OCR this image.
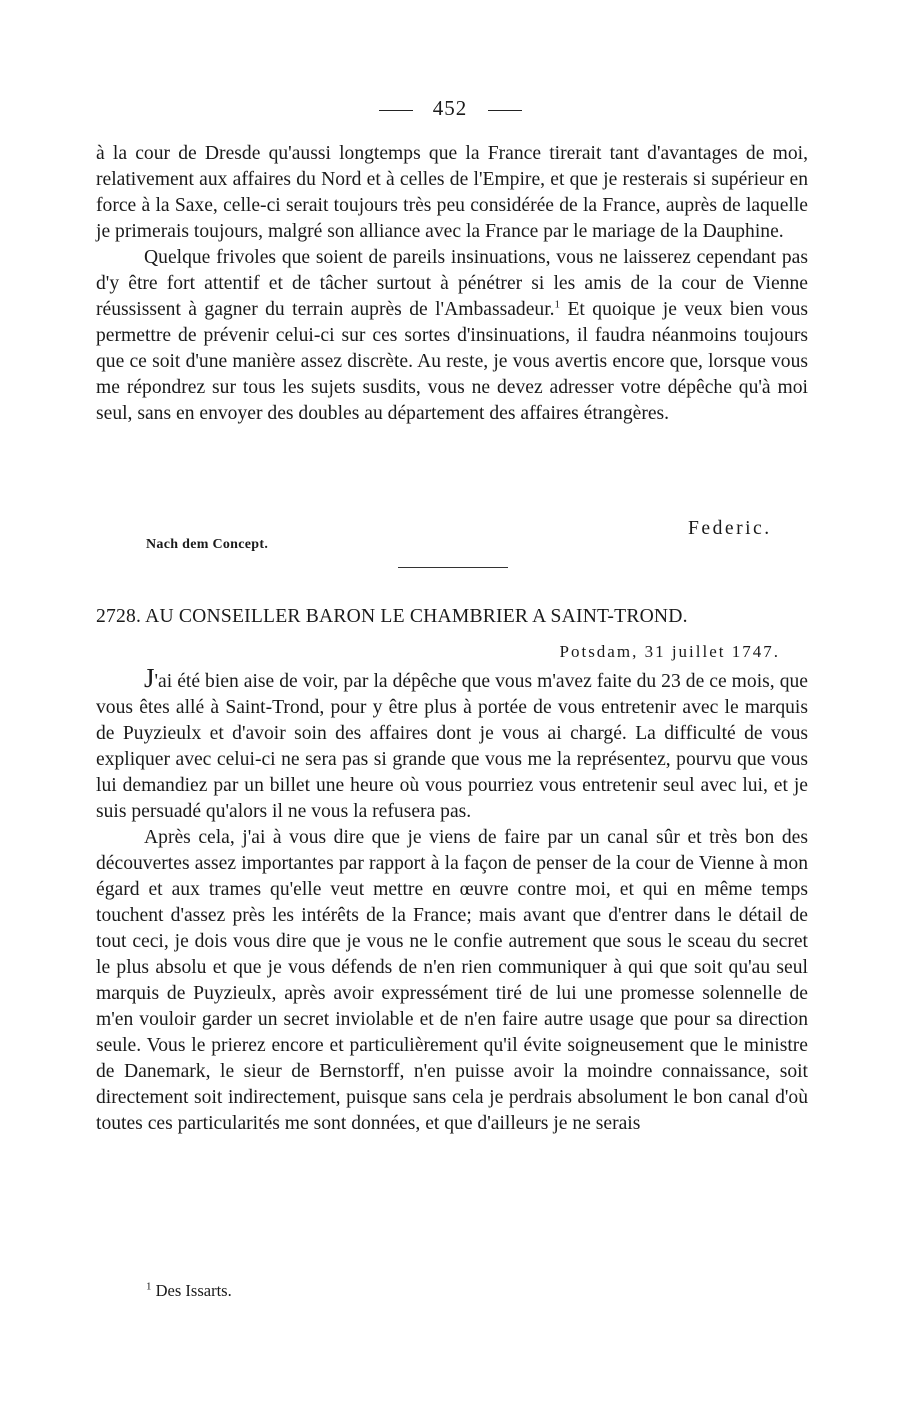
452

à la cour de Dresde qu'aussi longtemps que la France tirerait tant d'avantages de moi, relativement aux affaires du Nord et à celles de l'Empire, et que je resterais si supérieur en force à la Saxe, celle-ci serait toujours très peu considérée de la France, auprès de laquelle je primerais toujours, malgré son alliance avec la France par le mariage de la Dauphine.

Quelque frivoles que soient de pareils insinuations, vous ne laisserez cependant pas d'y être fort attentif et de tâcher surtout à pénétrer si les amis de la cour de Vienne réussissent à gagner du terrain auprès de l'Ambassadeur.$^1$ Et quoique je veux bien vous permettre de prévenir celui-ci sur ces sortes d'insinuations, il faudra néanmoins toujours que ce soit d'une manière assez discrète. Au reste, je vous avertis encore que, lorsque vous me répondrez sur tous les sujets susdits, vous ne devez adresser votre dépêche qu'à moi seul, sans en envoyer des doubles au département des affaires étrangères.

Federic.
Nach dem Concept.
2728. AU CONSEILLER BARON LE CHAMBRIER A SAINT-TROND.
Potsdam, 31 juillet 1747.

J'ai été bien aise de voir, par la dépêche que vous m'avez faite du 23 de ce mois, que vous êtes allé à Saint-Trond, pour y être plus à portée de vous entretenir avec le marquis de Puyzieulx et d'avoir soin des affaires dont je vous ai chargé. La difficulté de vous expliquer avec celui-ci ne sera pas si grande que vous me la représentez, pourvu que vous lui demandiez par un billet une heure où vous pourriez vous entretenir seul avec lui, et je suis persuadé qu'alors il ne vous la refusera pas.

Après cela, j'ai à vous dire que je viens de faire par un canal sûr et très bon des découvertes assez importantes par rapport à la façon de penser de la cour de Vienne à mon égard et aux trames qu'elle veut mettre en œuvre contre moi, et qui en même temps touchent d'assez près les intérêts de la France; mais avant que d'entrer dans le détail de tout ceci, je dois vous dire que je vous ne le confie autrement que sous le sceau du secret le plus absolu et que je vous défends de n'en rien communiquer à qui que soit qu'au seul marquis de Puyzieulx, après avoir expressément tiré de lui une promesse solennelle de m'en vouloir garder un secret inviolable et de n'en faire autre usage que pour sa direction seule. Vous le prierez encore et particulièrement qu'il évite soigneusement que le ministre de Danemark, le sieur de Bernstorff, n'en puisse avoir la moindre connaissance, soit directement soit indirectement, puisque sans cela je perdrais absolument le bon canal d'où toutes ces particularités me sont données, et que d'ailleurs je ne serais

$^1$ Des Issarts.
